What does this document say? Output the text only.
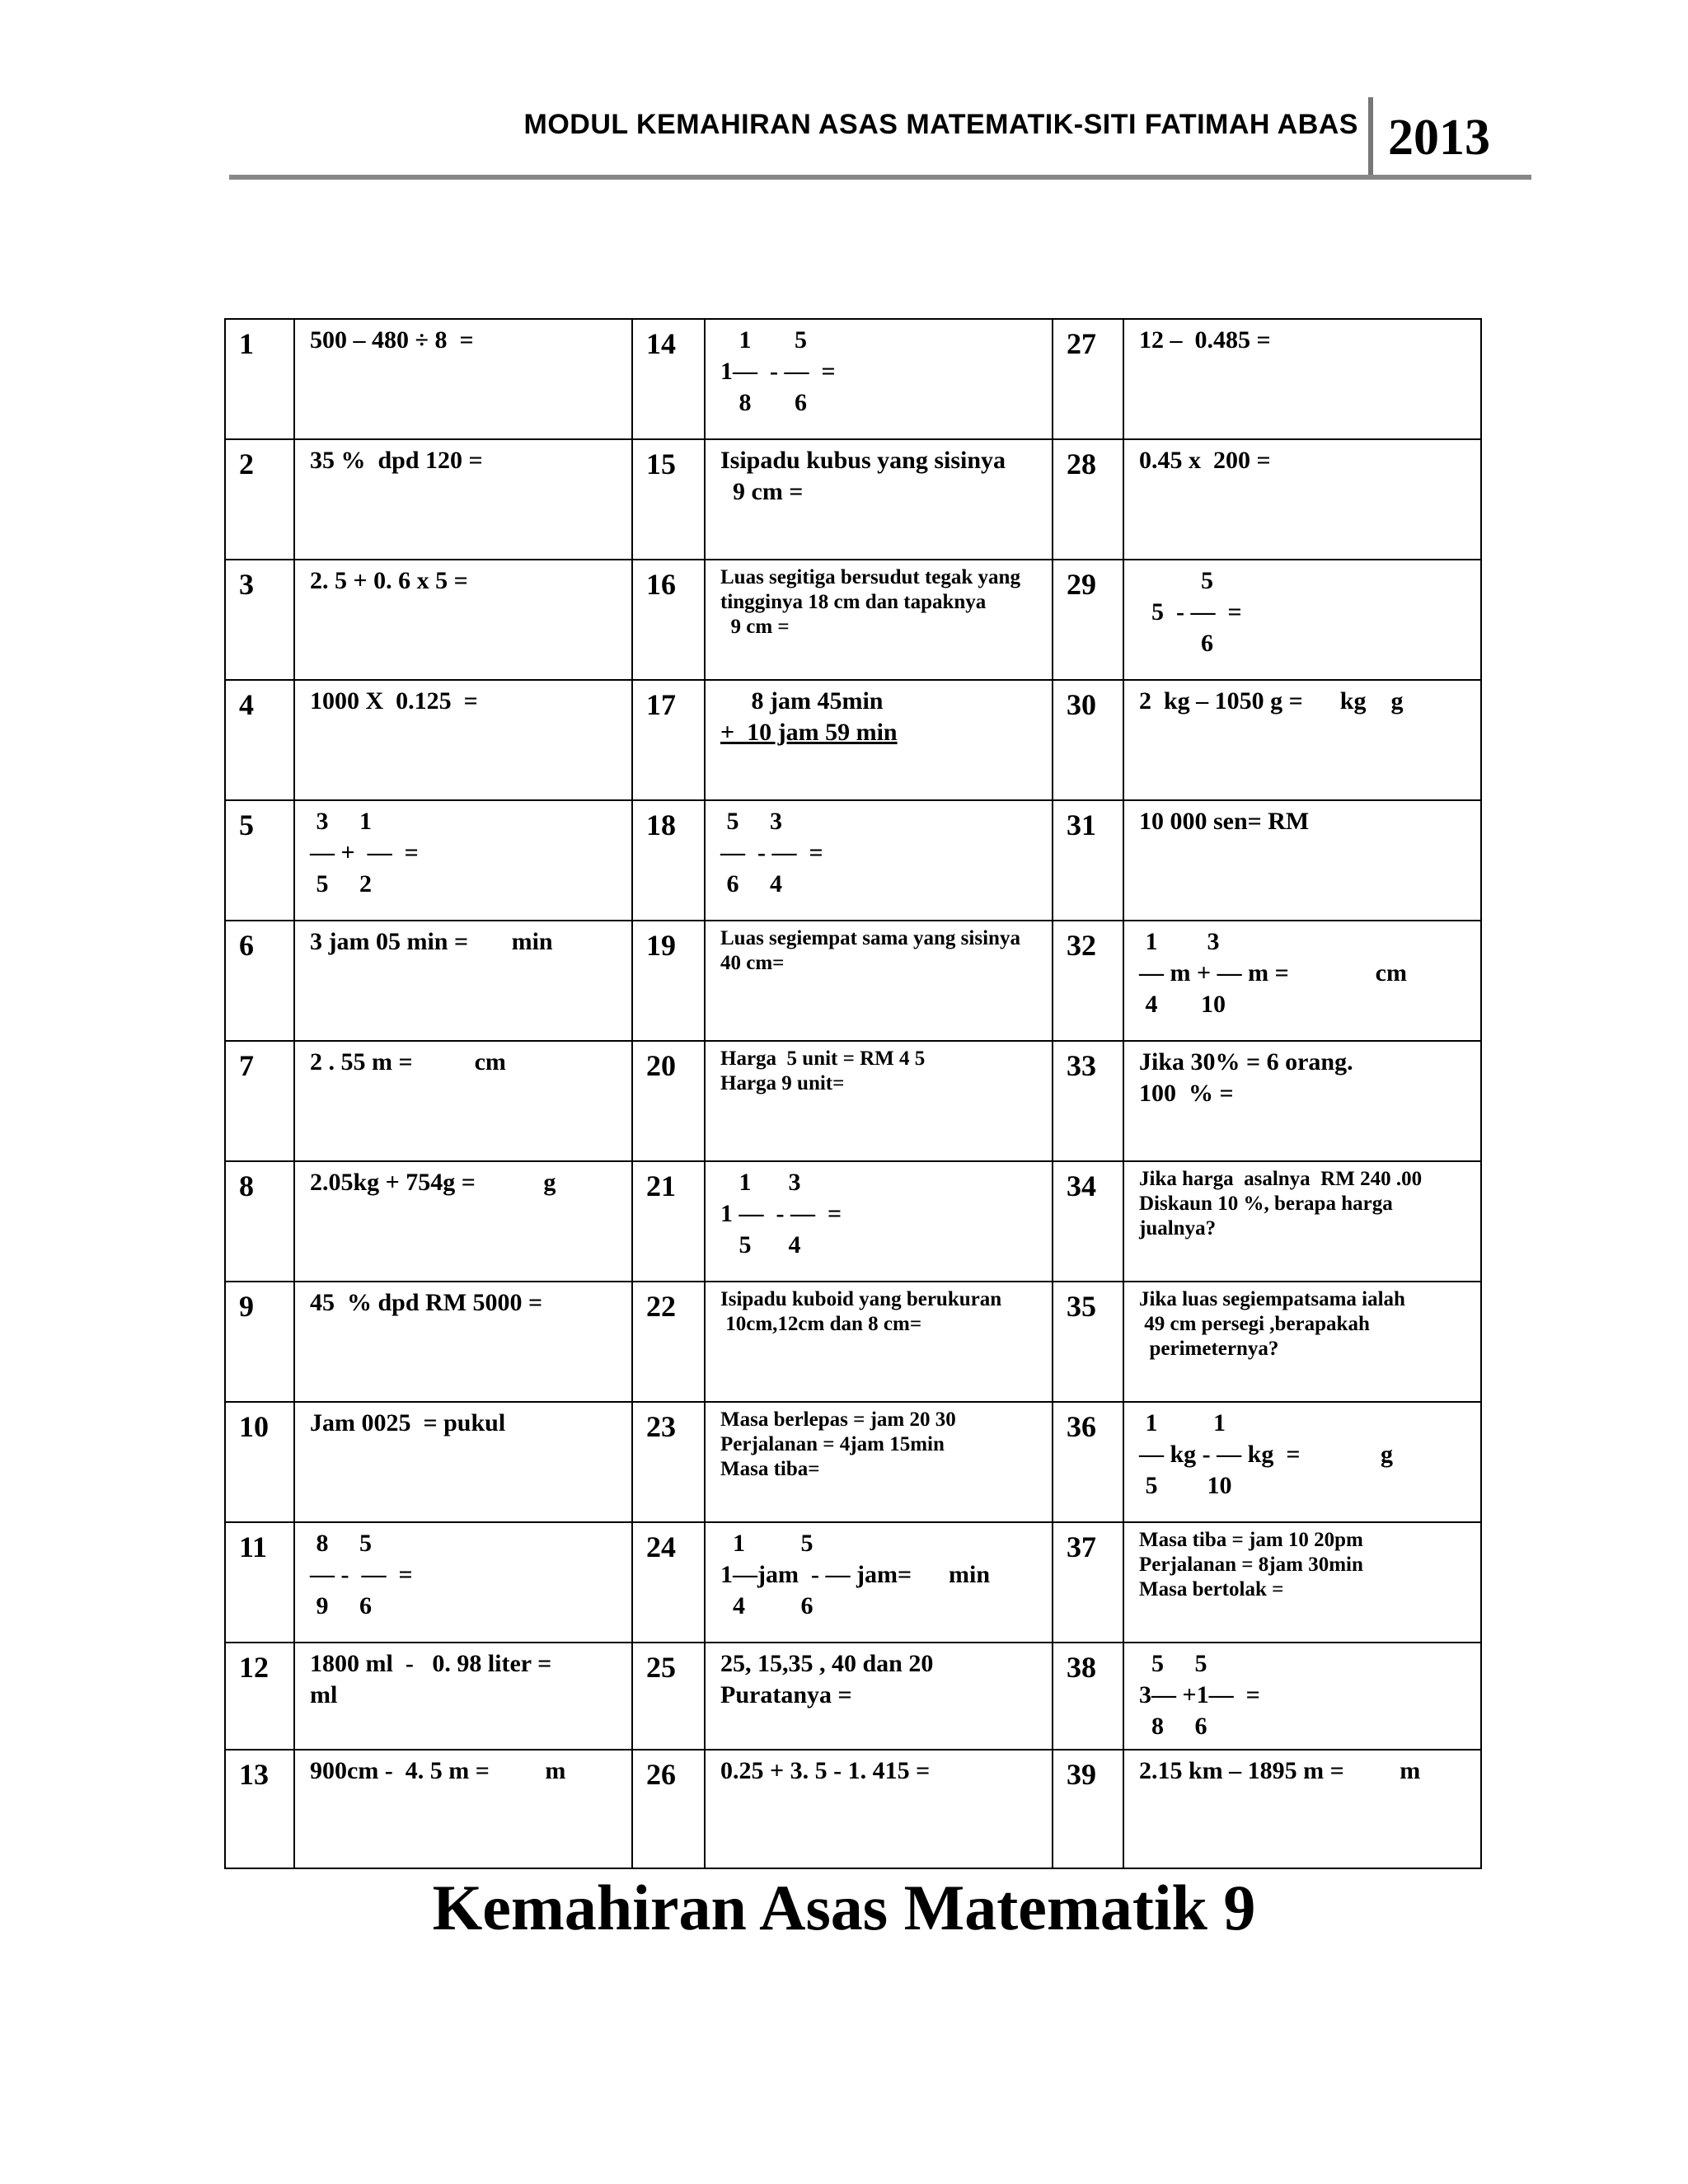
MODUL KEMAHIRAN ASAS MATEMATIK-SITI FATIMAH ABAS 2013
1	500 – 480 ÷ 8  =	14	1       5
1—  - —  =
8       6	27	12 –  0.485 =

2	35 %  dpd 120 =	15	Isipadu kubus yang sisinya
9 cm =	28	0.45 x  200 =

3	2. 5 + 0. 6 x 5 =	16	Luas segitiga bersudut tegak yang
tingginya 18 cm dan tapaknya
9 cm =	29	5
5  - —  =
6

4	1000 X  0.125  =	17	8 jam 45min
+  10 jam 59 min	30	2  kg – 1050 g =      kg    g

5	3     1
— +  —  =
5     2	18	5     3
—  - —  =
6     4	31	10 000 sen= RM

6	3 jam 05 min =       min	19	Luas segiempat sama yang sisinya
40 cm=	32	1        3
— m + — m =              cm
4       10

7	2 . 55 m =          cm	20	Harga  5 unit = RM 4 5
Harga 9 unit=	33	Jika 30% = 6 orang.
100  % =

8	2.05kg + 754g =           g	21	1      3
1 —  - —  =
5      4	34	Jika harga  asalnya  RM 240 .00
Diskaun 10 %, berapa harga
jualnya?

9	45  % dpd RM 5000 =	22	Isipadu kuboid yang berukuran
10cm,12cm dan 8 cm=	35	Jika luas segiempatsama ialah
49 cm persegi ,berapakah
perimeternya?

10	Jam 0025  = pukul	23	Masa berlepas = jam 20 30
Perjalanan = 4jam 15min
Masa tiba=	36	1         1
— kg - — kg  =             g
5        10

11	8     5
— -  —  =
9     6	24	1         5
1—jam  - — jam=      min
4         6	37	Masa tiba = jam 10 20pm
Perjalanan = 8jam 30min
Masa bertolak =

12	1800 ml  -   0. 98 liter =
ml	25	25, 15,35 , 40 dan 20
Puratanya =	38	5     5
3— +1—  =
8     6

13	900cm -  4. 5 m =         m	26	0.25 + 3. 5 - 1. 415 =	39	2.15 km – 1895 m =         m
Kemahiran Asas Matematik 9
